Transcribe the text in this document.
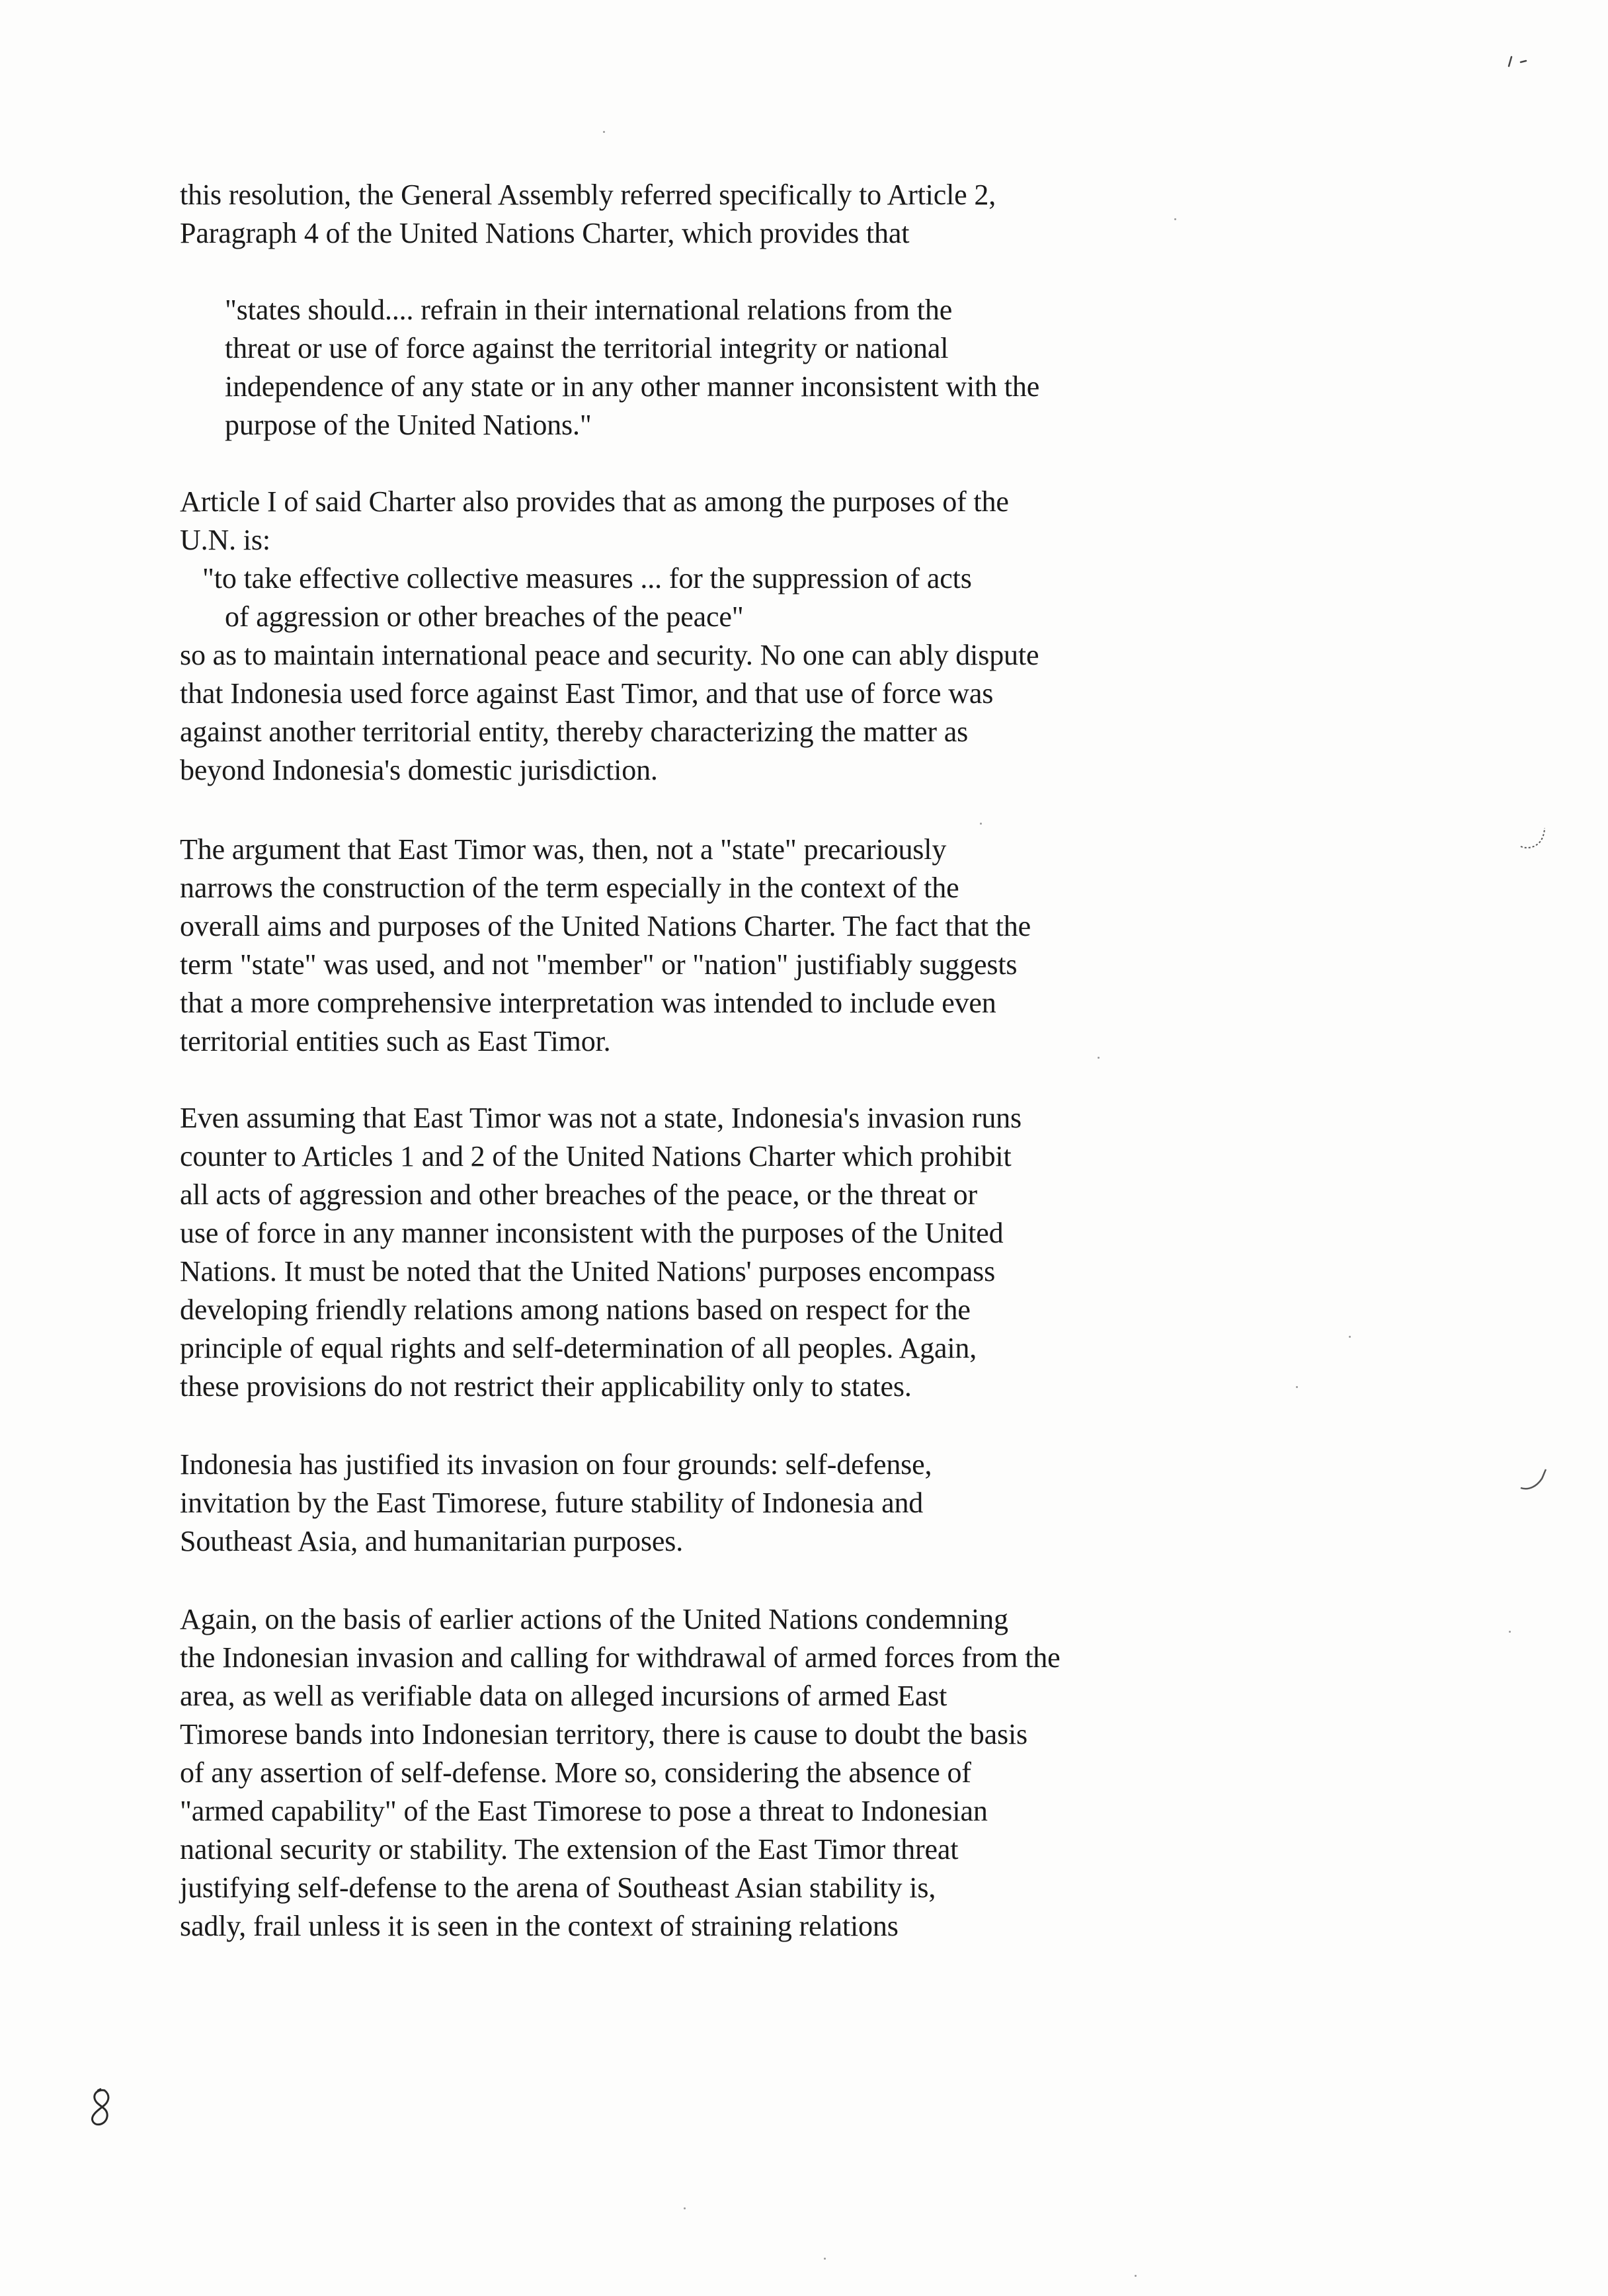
this resolution, the General Assembly referred specifically to Article 2,

Paragraph 4 of the United Nations Charter, which provides that

"states should.... refrain in their international relations from the

threat or use of force against the territorial integrity or national

independence of any state or in any other manner inconsistent with the

purpose of the United Nations."

Article I of said Charter also provides that as among the purposes of the

U.N. is:

"to take effective collective measures ... for the suppression of acts

of aggression or other breaches of the peace"

so as to maintain international peace and security. No one can ably dispute

that Indonesia used force against East Timor, and that use of force was

against another territorial entity, thereby characterizing the matter as

beyond Indonesia's domestic jurisdiction.

The argument that East Timor was, then, not a "state" precariously

narrows the construction of the term especially in the context of the

overall aims and purposes of the United Nations Charter. The fact that the

term "state" was used, and not "member" or "nation" justifiably suggests

that a more comprehensive interpretation was intended to include even

territorial entities such as East Timor.

Even assuming that East Timor was not a state, Indonesia's invasion runs

counter to Articles 1 and 2 of the United Nations Charter which prohibit

all acts of aggression and other breaches of the peace, or the threat or

use of force in any manner inconsistent with the purposes of the United

Nations. It must be noted that the United Nations' purposes encompass

developing friendly relations among nations based on respect for the

principle of equal rights and self-determination of all peoples. Again,

these provisions do not restrict their applicability only to states.

Indonesia has justified its invasion on four grounds: self-defense,

invitation by the East Timorese, future stability of Indonesia and

Southeast Asia, and humanitarian purposes.

Again, on the basis of earlier actions of the United Nations condemning

the Indonesian invasion and calling for withdrawal of armed forces from the

area, as well as verifiable data on alleged incursions of armed East

Timorese bands into Indonesian territory, there is cause to doubt the basis

of any assertion of self-defense. More so, considering the absence of

"armed capability" of the East Timorese to pose a threat to Indonesian

national security or stability. The extension of the East Timor threat

justifying self-defense to the arena of Southeast Asian stability is,

sadly, frail unless it is seen in the context of straining relations
